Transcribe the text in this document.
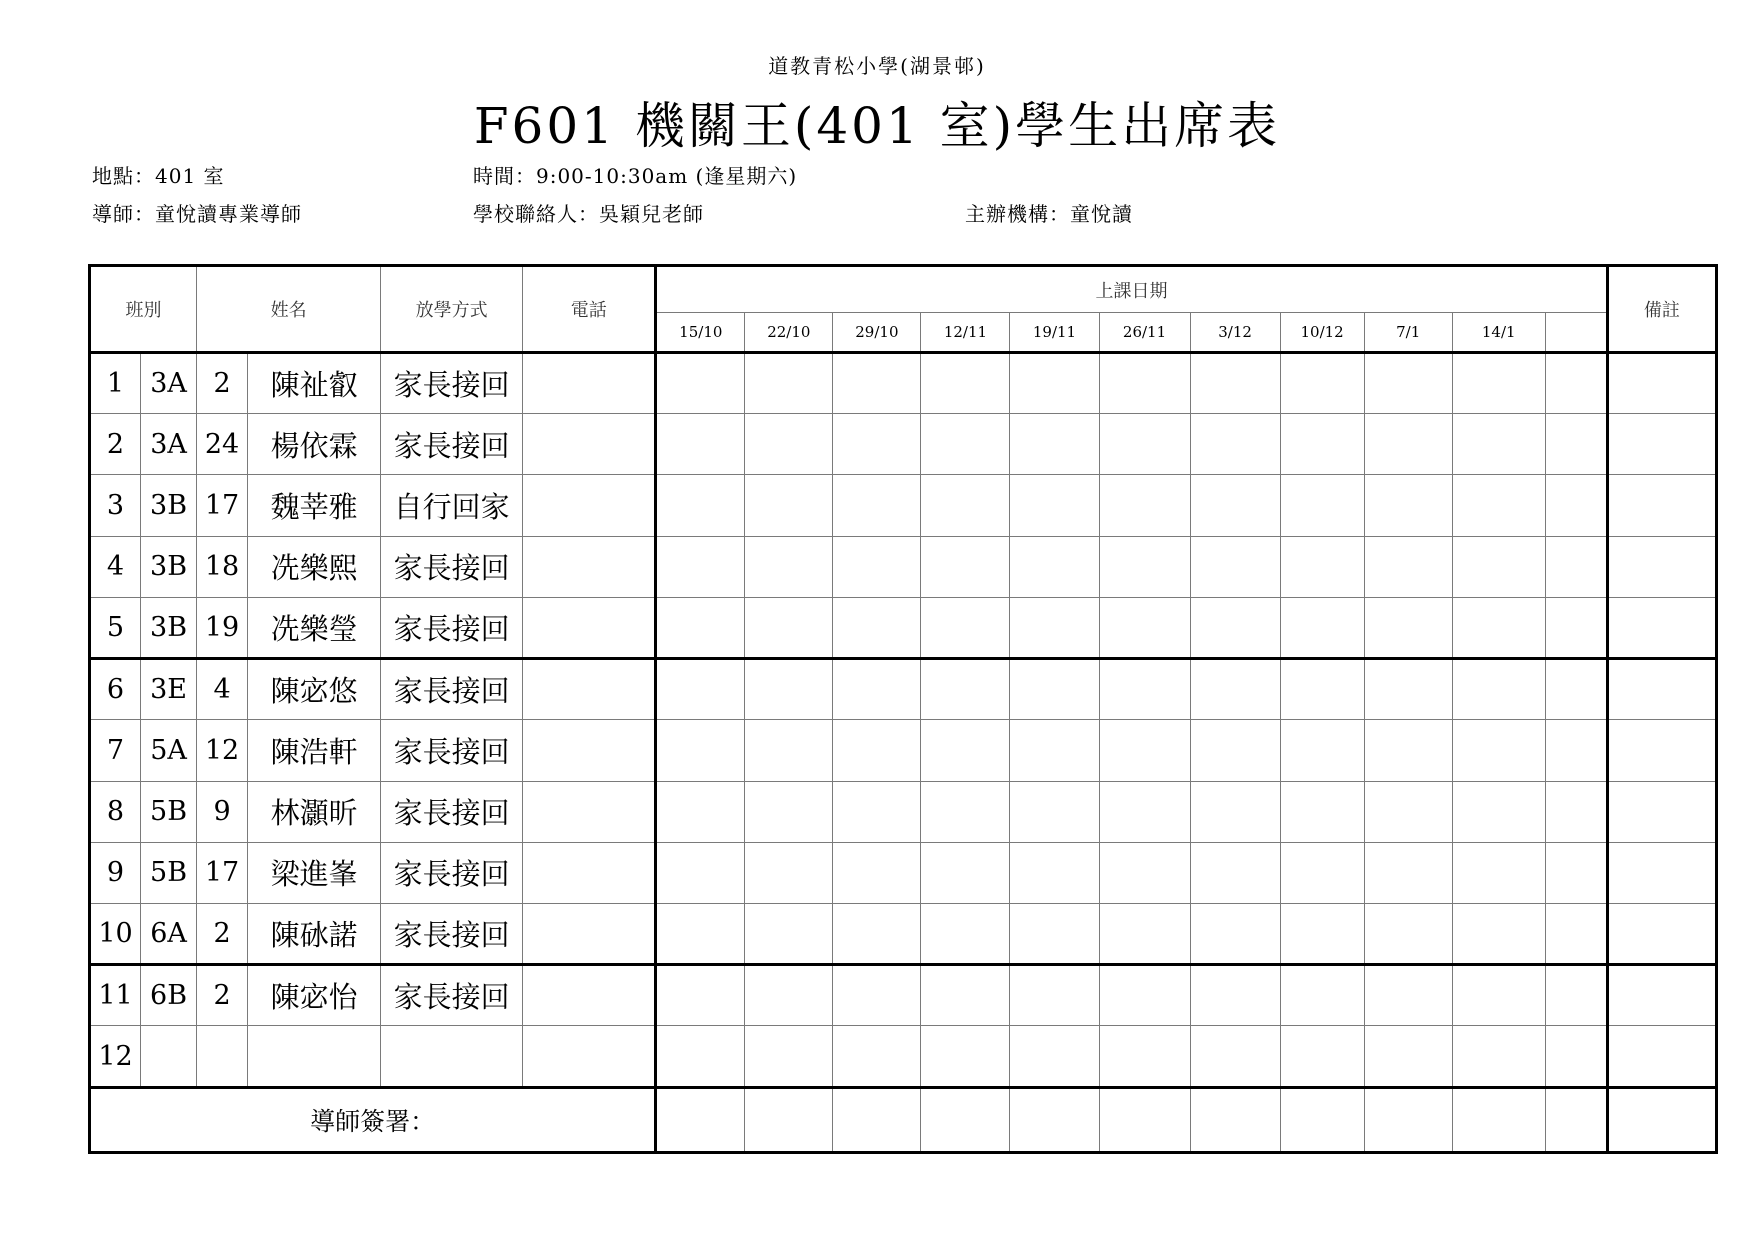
道教青松小學(湖景邨)
F601 機關王(401 室)學生出席表
地點：401 室	時間：9:00-10:30am (逢星期六)
導師：童悅讀專業導師	學校聯絡人：吳穎兒老師	主辦機構：童悅讀
班別		姓名		放學方式	電話	上課日期											備註
						15/10	22/10	29/10	12/11	19/11	26/11	3/12	10/12	7/1	14/1		
1	3A	2	陳祉叡	家長接回													
2	3A	24	楊依霖	家長接回													
3	3B	17	魏莘雅	自行回家													
4	3B	18	冼樂熙	家長接回													
5	3B	19	冼樂瑩	家長接回													
6	3E	4	陳宓悠	家長接回													
7	5A	12	陳浩軒	家長接回													
8	5B	9	林灝昕	家長接回													
9	5B	17	梁進峯	家長接回													
10	6A	2	陳砅諾	家長接回													
11	6B	2	陳宓怡	家長接回													
12																	
導師簽署：																	
